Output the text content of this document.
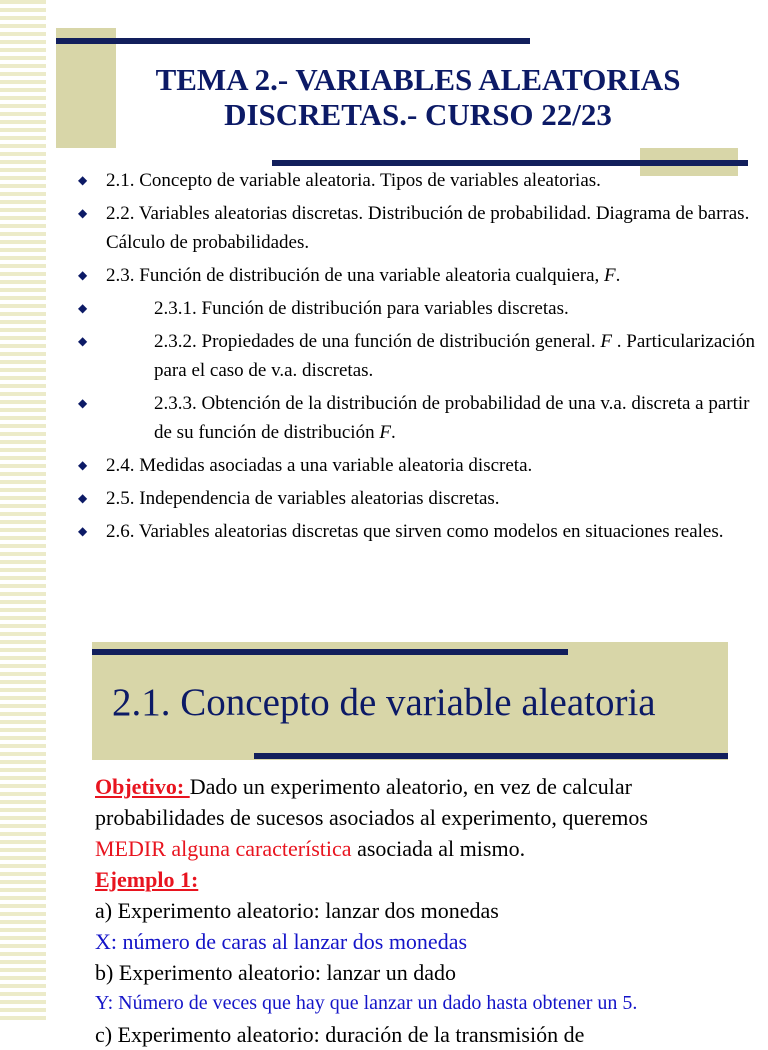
TEMA 2.- VARIABLES ALEATORIAS
DISCRETAS.- CURSO 22/23
◆ 2.1. Concepto de variable aleatoria. Tipos de variables aleatorias.
◆ 2.2. Variables aleatorias discretas. Distribución de probabilidad. Diagrama de barras. Cálculo de probabilidades.
◆ 2.3. Función de distribución de una variable aleatoria cualquiera, F.
◆	2.3.1. Función de distribución para variables discretas.
◆	2.3.2. Propiedades de una función de distribución general. F . Particularización para el caso de v.a. discretas.
◆	2.3.3. Obtención de la distribución de probabilidad de una v.a. discreta a partir de su función de distribución F.
◆ 2.4. Medidas asociadas a una variable aleatoria discreta.
◆ 2.5. Independencia de variables aleatorias discretas.
◆ 2.6. Variables aleatorias discretas que sirven como modelos en situaciones reales.
2.1. Concepto de variable aleatoria

Objetivo: Dado un experimento aleatorio, en vez de calcular

probabilidades de sucesos asociados al experimento, queremos

MEDIR alguna característica asociada al mismo.

Ejemplo 1:

a) Experimento aleatorio: lanzar dos monedas

X: número de caras al lanzar dos monedas

b) Experimento aleatorio: lanzar un dado

Y: Número de veces que hay que lanzar un dado hasta obtener un 5.

c) Experimento aleatorio: duración de la transmisión de
